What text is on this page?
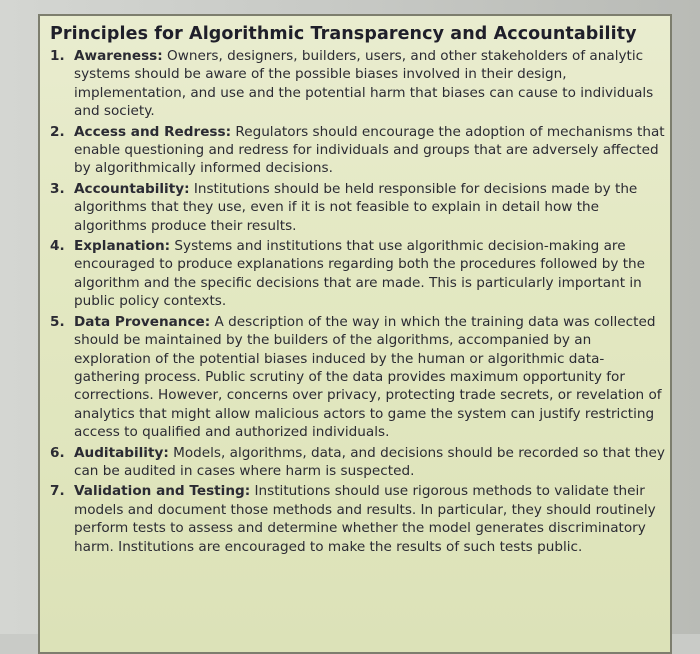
Principles for Algorithmic Transparency and Accountability
1. Awareness: Owners, designers, builders, users, and other stakeholders of analytic systems should be aware of the possible biases involved in their design, implementation, and use and the potential harm that biases can cause to individuals and society.
2. Access and Redress: Regulators should encourage the adoption of mechanisms that enable questioning and redress for individuals and groups that are adversely affected by algorithmically informed decisions.
3. Accountability: Institutions should be held responsible for decisions made by the algorithms that they use, even if it is not feasible to explain in detail how the algorithms produce their results.
4. Explanation: Systems and institutions that use algorithmic decision-making are encouraged to produce explanations regarding both the procedures followed by the algorithm and the specific decisions that are made. This is particularly important in public policy contexts.
5. Data Provenance: A description of the way in which the training data was collected should be maintained by the builders of the algorithms, accompanied by an exploration of the potential biases induced by the human or algorithmic data-gathering process. Public scrutiny of the data provides maximum opportunity for corrections. However, concerns over privacy, protecting trade secrets, or revelation of analytics that might allow malicious actors to game the system can justify restricting access to qualified and authorized individuals.
6. Auditability: Models, algorithms, data, and decisions should be recorded so that they can be audited in cases where harm is suspected.
7. Validation and Testing: Institutions should use rigorous methods to validate their models and document those methods and results. In particular, they should routinely perform tests to assess and determine whether the model generates discriminatory harm. Institutions are encouraged to make the results of such tests public.
